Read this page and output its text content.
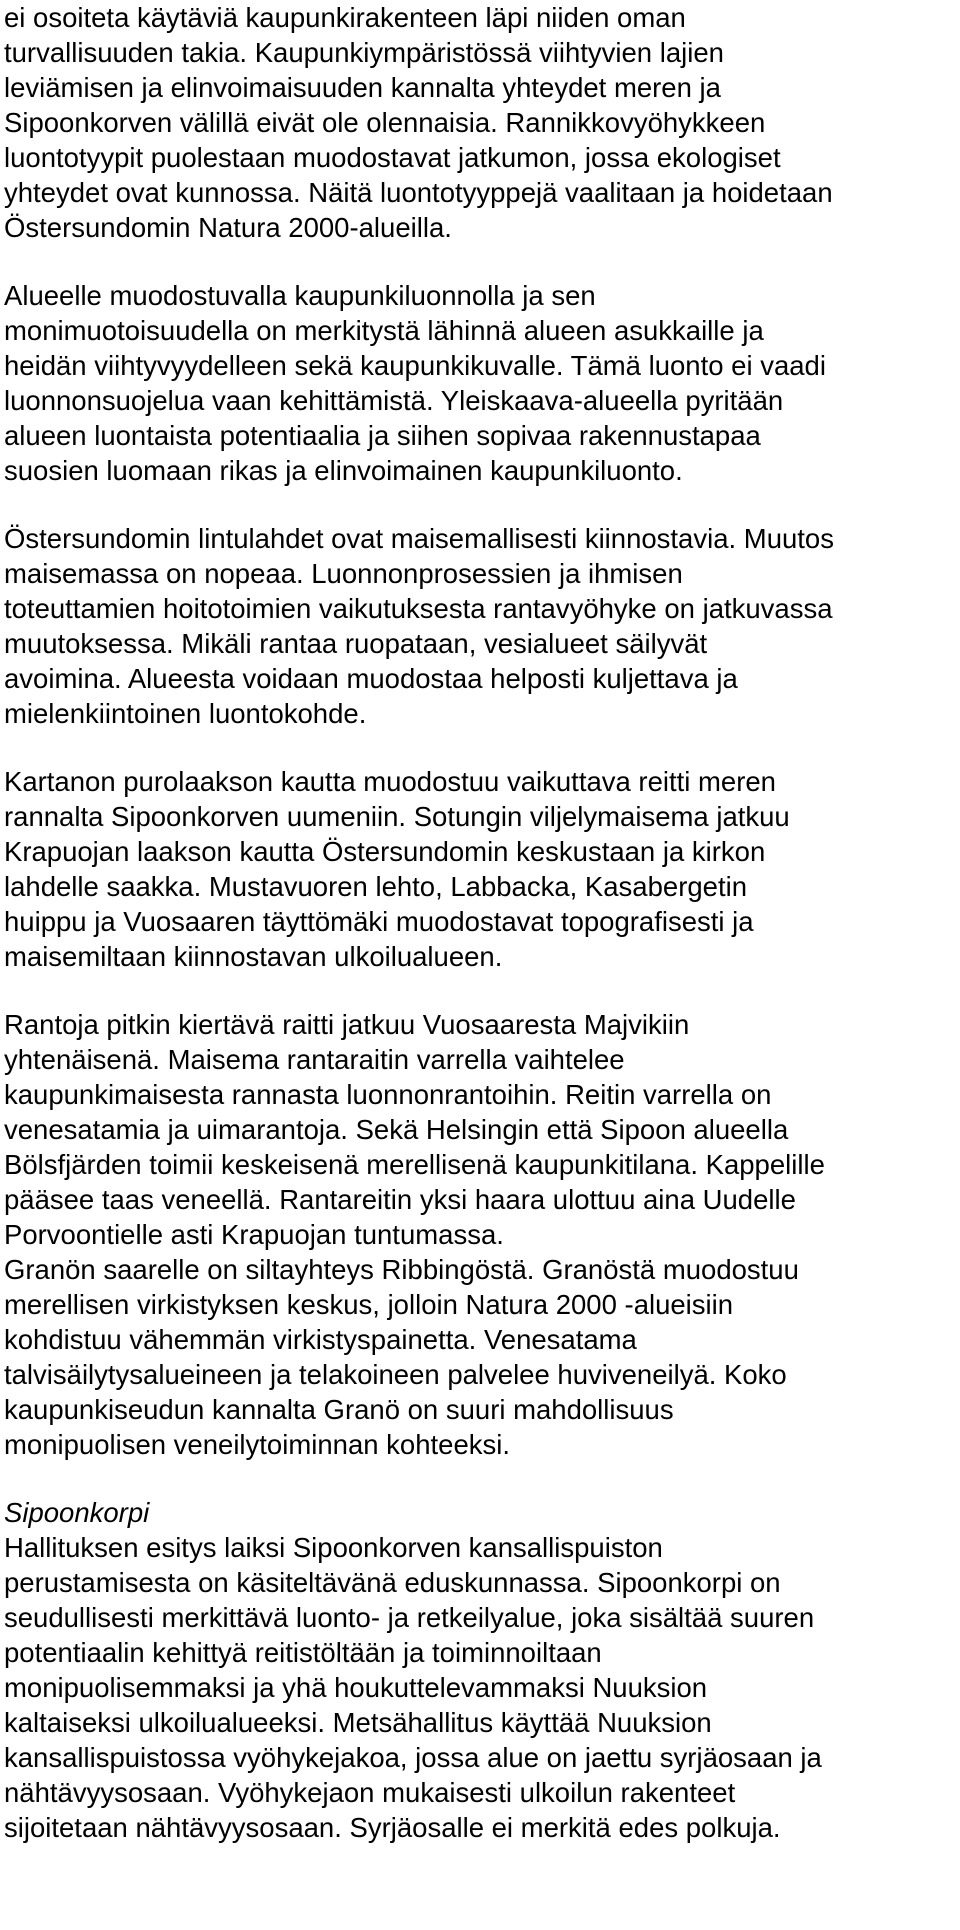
ei osoiteta käytäviä kaupunkirakenteen läpi niiden oman
turvallisuuden takia. Kaupunkiympäristössä viihtyvien lajien
leviämisen ja elinvoimaisuuden kannalta yhteydet meren ja
Sipoonkorven välillä eivät ole olennaisia. Rannikkovyöhykkeen
luontotyypit puolestaan muodostavat jatkumon, jossa ekologiset
yhteydet ovat kunnossa. Näitä luontotyyppejä vaalitaan ja hoidetaan
Östersundomin Natura 2000-alueilla.
Alueelle muodostuvalla kaupunkiluonnolla ja sen
monimuotoisuudella on merkitystä lähinnä alueen asukkaille ja
heidän viihtyvyydelleen sekä kaupunkikuvalle. Tämä luonto ei vaadi
luonnonsuojelua vaan kehittämistä. Yleiskaava-alueella pyritään
alueen luontaista potentiaalia ja siihen sopivaa rakennustapaa
suosien luomaan rikas ja elinvoimainen kaupunkiluonto.
Östersundomin lintulahdet ovat maisemallisesti kiinnostavia. Muutos
maisemassa on nopeaa. Luonnonprosessien ja ihmisen
toteuttamien hoitotoimien vaikutuksesta rantavyöhyke on jatkuvassa
muutoksessa. Mikäli rantaa ruopataan, vesialueet säilyvät
avoimina. Alueesta voidaan muodostaa helposti kuljettava ja
mielenkiintoinen luontokohde.
Kartanon purolaakson kautta muodostuu vaikuttava reitti meren
rannalta Sipoonkorven uumeniin. Sotungin viljelymaisema jatkuu
Krapuojan laakson kautta Östersundomin keskustaan ja kirkon
lahdelle saakka. Mustavuoren lehto, Labbacka, Kasabergetin
huippu ja Vuosaaren täyttömäki muodostavat topografisesti ja
maisemiltaan kiinnostavan ulkoilualueen.
Rantoja pitkin kiertävä raitti jatkuu Vuosaaresta Majvikiin
yhtenäisenä. Maisema rantaraitin varrella vaihtelee
kaupunkimaisesta rannasta luonnonrantoihin. Reitin varrella on
venesatamia ja uimarantoja. Sekä Helsingin että Sipoon alueella
Bölsfjärden toimii keskeisenä merellisenä kaupunkitilana. Kappelille
pääsee taas veneellä. Rantareitin yksi haara ulottuu aina Uudelle
Porvoontielle asti Krapuojan tuntumassa.
Granön saarelle on siltayhteys Ribbingöstä. Granöstä muodostuu
merellisen virkistyksen keskus, jolloin Natura 2000 -alueisiin
kohdistuu vähemmän virkistyspainetta. Venesatama
talvisäilytysalueineen ja telakoineen palvelee huviveneilyä. Koko
kaupunkiseudun kannalta Granö on suuri mahdollisuus
monipuolisen veneilytoiminnan kohteeksi.
Sipoonkorpi
Hallituksen esitys laiksi Sipoonkorven kansallispuiston
perustamisesta on käsiteltävänä eduskunnassa. Sipoonkorpi on
seudullisesti merkittävä luonto- ja retkeilyalue, joka sisältää suuren
potentiaalin kehittyä reitistöltään ja toiminnoiltaan
monipuolisemmaksi ja yhä houkuttelevammaksi Nuuksion
kaltaiseksi ulkoilualueeksi. Metsähallitus käyttää Nuuksion
kansallispuistossa vyöhykejakoa, jossa alue on jaettu syrjäosaan ja
nähtävyysosaan. Vyöhykejaon mukaisesti ulkoilun rakenteet
sijoitetaan nähtävyysosaan. Syrjäosalle ei merkitä edes polkuja.
